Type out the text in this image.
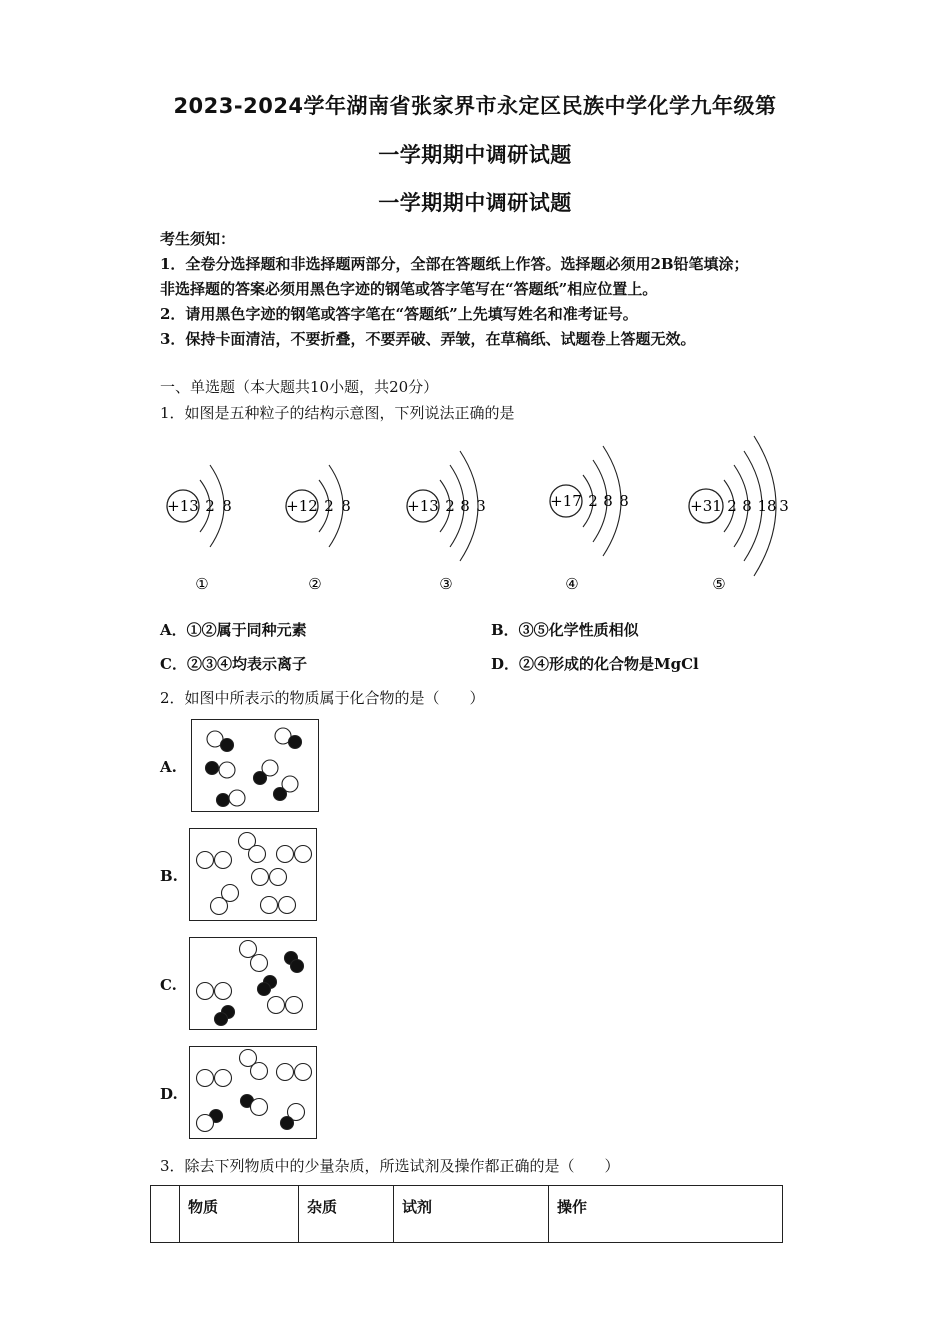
2023-2024学年湖南省张家界市永定区民族中学化学九年级第
一学期期中调研试题
一学期期中调研试题
考生须知：
1．全卷分选择题和非选择题两部分，全部在答题纸上作答。选择题必须用2B铅笔填涂；
非选择题的答案必须用黑色字迹的钢笔或答字笔写在“答题纸”相应位置上。
2．请用黑色字迹的钢笔或答字笔在“答题纸”上先填写姓名和准考证号。
3．保持卡面清洁，不要折叠，不要弄破、弄皱，在草稿纸、试题卷上答题无效。
一、单选题（本大题共10小题，共20分）
1．如图是五种粒子的结构示意图，下列说法正确的是
+13 2 8
①
+12 2 8
②
+13 2 8 3
③
+17 2 8 8
④
+31 2 8 18 3
⑤
A．①②属于同种元素	B．③⑤化学性质相似
C．②③④均表示离子	D．②④形成的化合物是MgCl
2．如图中所表示的物质属于化合物的是（　　）
A.
B.
C.
D.
3．除去下列物质中的少量杂质，所选试剂及操作都正确的是（　　）
	物质	杂质	试剂	操作
